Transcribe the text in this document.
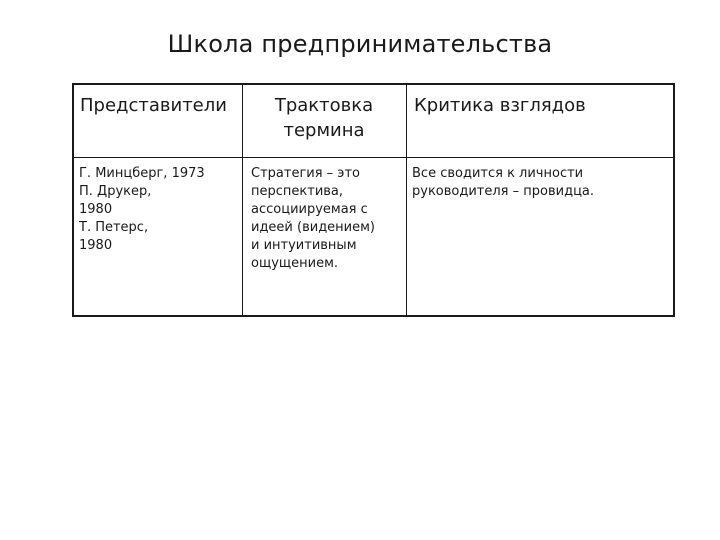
Школа предпринимательства
Представители	Трактовка
термина
Критика взглядов
Г. Минцберг, 1973
П. Друкер,
1980
Т. Петерс,
1980
Стратегия – это
перспектива,
ассоциируемая с
идеей (видением)
и интуитивным
ощущением.
Все сводится к личности
руководителя – провидца.
